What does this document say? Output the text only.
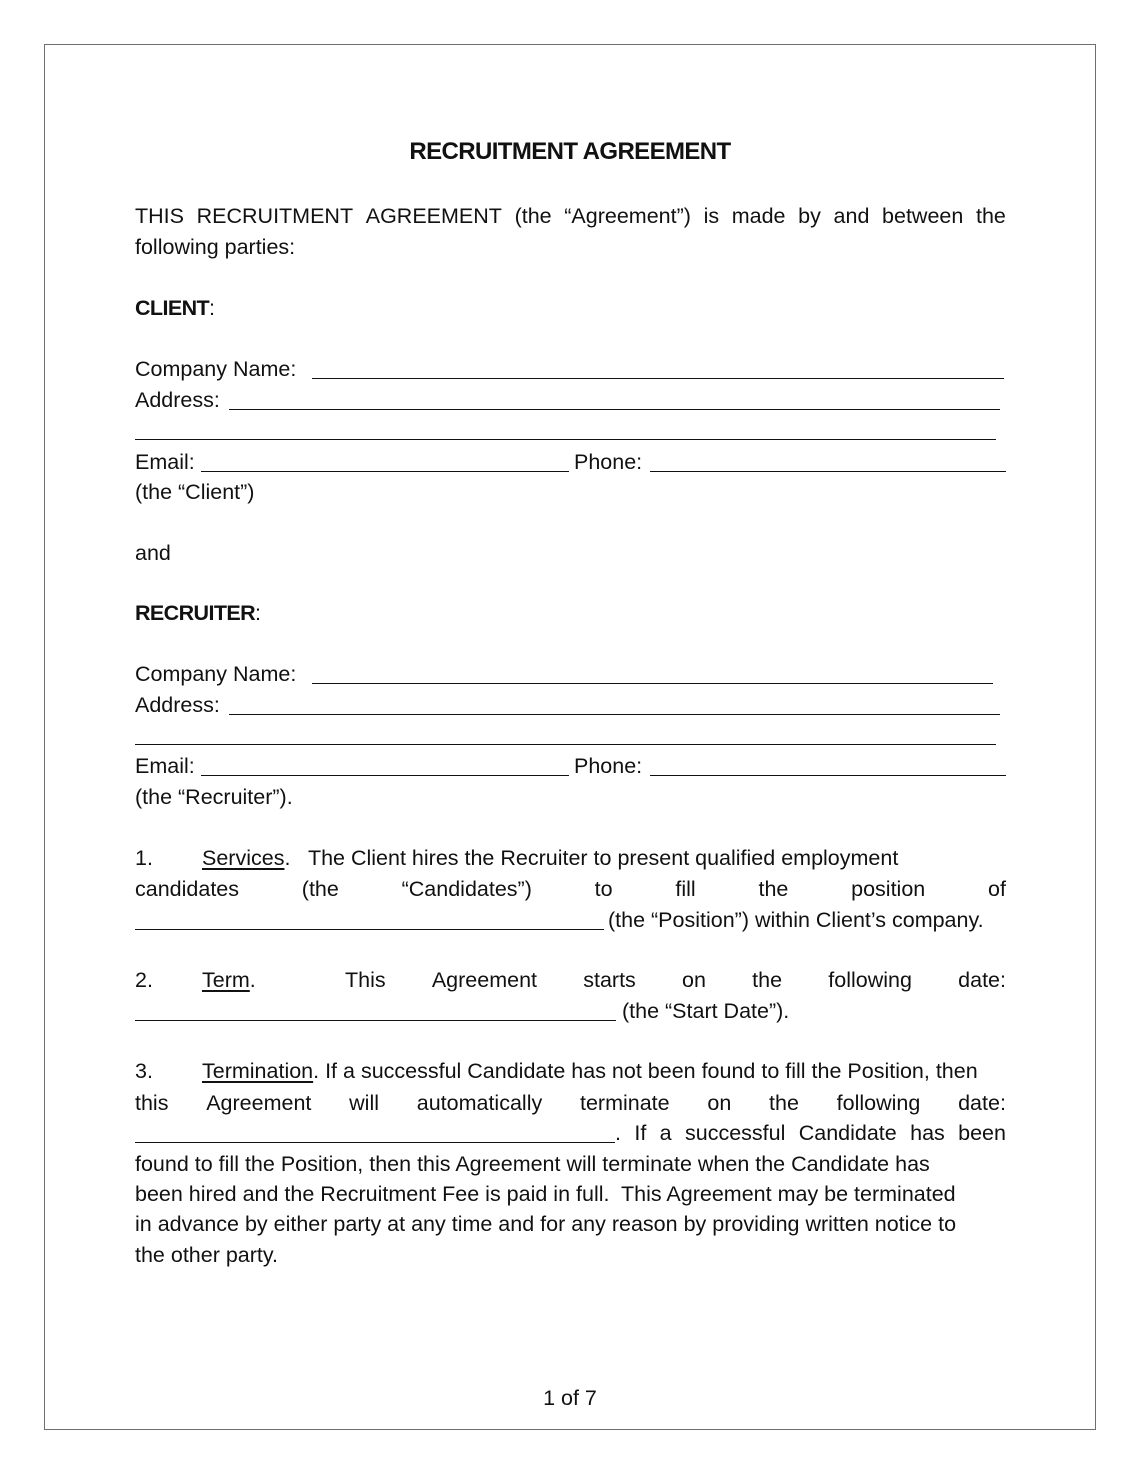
RECRUITMENT AGREEMENT
THIS RECRUITMENT AGREEMENT (the “Agreement”) is made by and between the
following parties:
CLIENT:
Company Name:
Address:
Email:	Phone:
(the “Client”)
and
RECRUITER:
Company Name:
Address:
Email:	Phone:
(the “Recruiter”).
1. Services .   The Client hires the Recruiter to present qualified employment
candidates	(the	“Candidates”)	to	fill	the	position	of
(the “Position”) within Client’s company.
2. Term.	This Agreement starts on the following date:
(the “Start Date”).
3. Termination. If a successful Candidate has not been found to fill the Position, then
this Agreement will automatically terminate on the following date:
. If a successful Candidate has been
found to fill the Position, then this Agreement will terminate when the Candidate has
been hired and the Recruitment Fee is paid in full.  This Agreement may be terminated
in advance by either party at any time and for any reason by providing written notice to
the other party.
1 of 7
